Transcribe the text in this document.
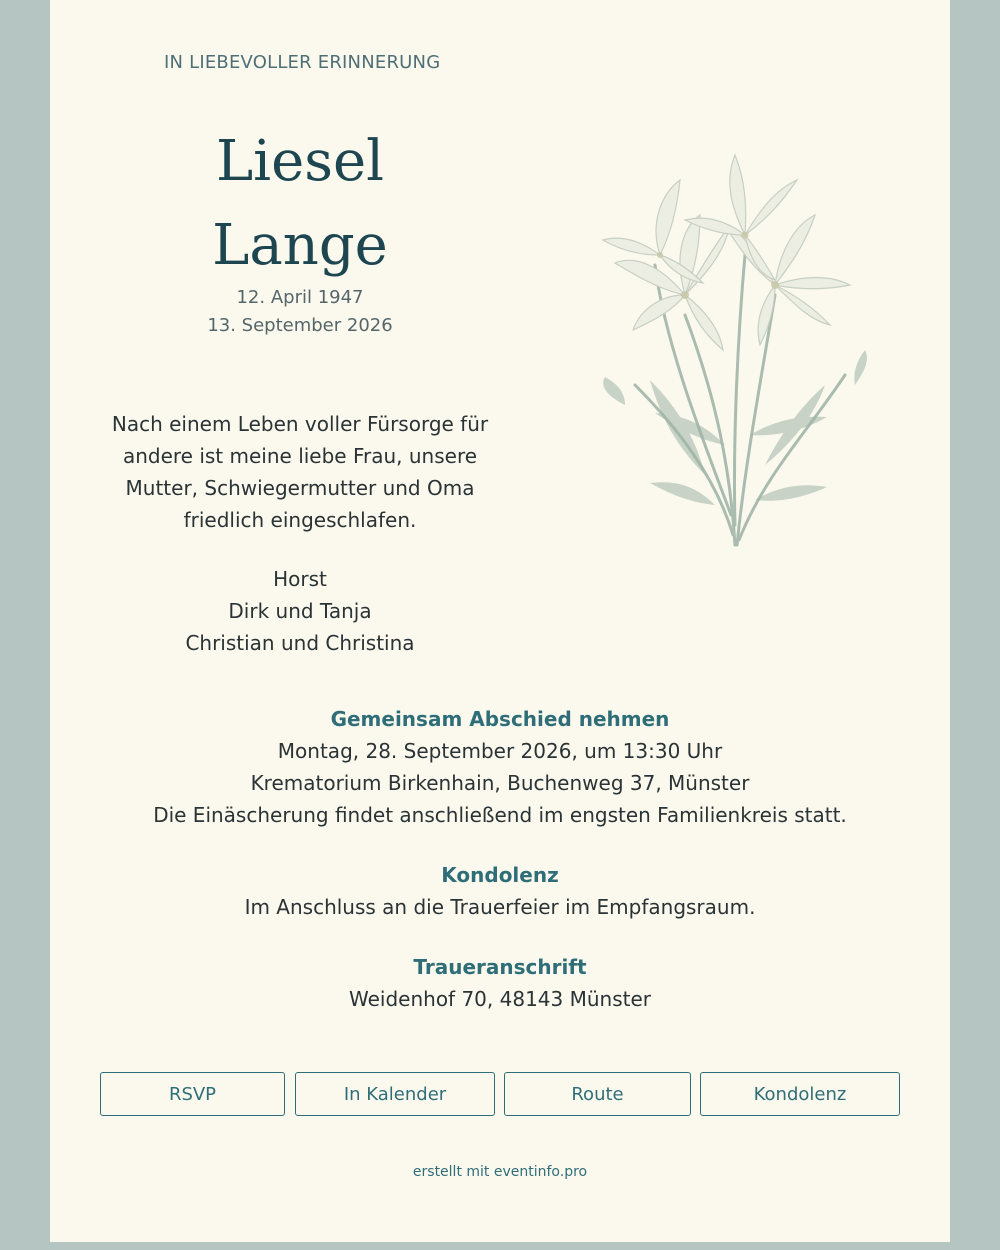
IN LIEBEVOLLER ERINNERUNG
Liesel
Lange
12. April 1947
13. September 2026
Nach einem Leben voller Fürsorge für andere ist meine liebe Frau, unsere Mutter, Schwiegermutter und Oma friedlich eingeschlafen.
Horst
Dirk und Tanja
Christian und Christina
Gemeinsam Abschied nehmen
Montag, 28. September 2026, um 13:30 Uhr
Krematorium Birkenhain, Buchenweg 37, Münster
Die Einäscherung findet anschließend im engsten Familienkreis statt.
Kondolenz
Im Anschluss an die Trauerfeier im Empfangsraum.
Traueranschrift
Weidenhof 70, 48143 Münster
RSVP	In Kalender	Route	Kondolenz
erstellt mit eventinfo.pro
